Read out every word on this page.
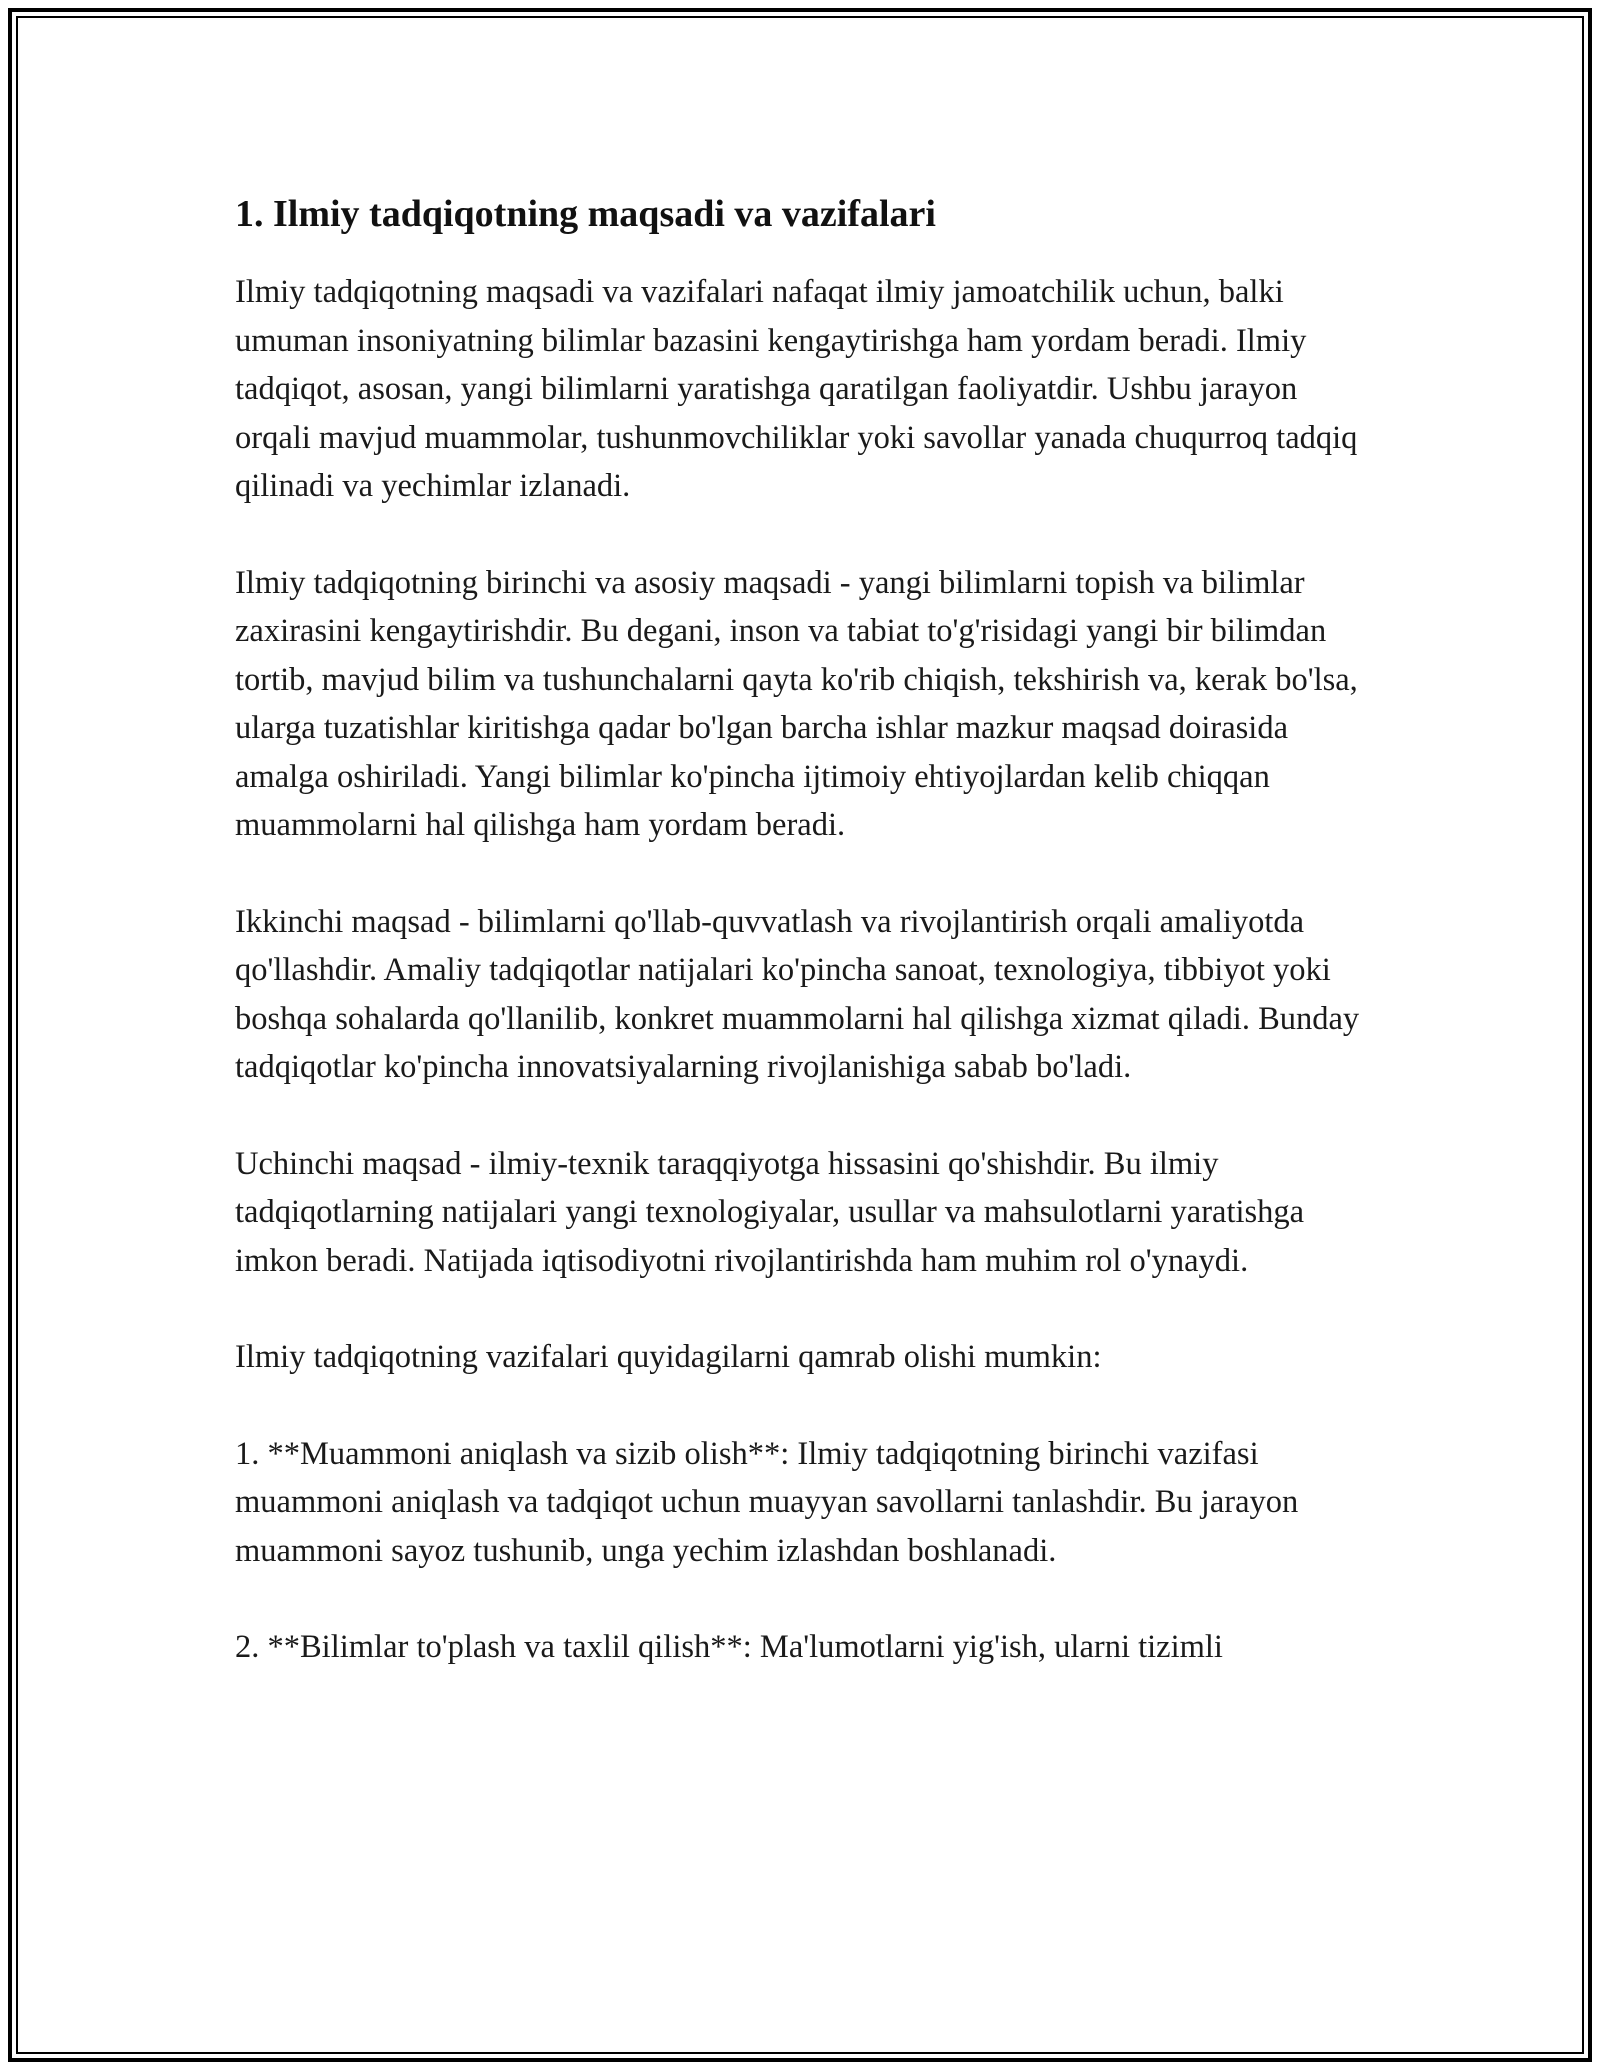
1. Ilmiy tadqiqotning maqsadi va vazifalari

Ilmiy tadqiqotning maqsadi va vazifalari nafaqat ilmiy jamoatchilik uchun, balki umuman insoniyatning bilimlar bazasini kengaytirishga ham yordam beradi. Ilmiy tadqiqot, asosan, yangi bilimlarni yaratishga qaratilgan faoliyatdir. Ushbu jarayon orqali mavjud muammolar, tushunmovchiliklar yoki savollar yanada chuqurroq tadqiq qilinadi va yechimlar izlanadi.

Ilmiy tadqiqotning birinchi va asosiy maqsadi - yangi bilimlarni topish va bilimlar zaxirasini kengaytirishdir. Bu degani, inson va tabiat to'g'risidagi yangi bir bilimdan tortib, mavjud bilim va tushunchalarni qayta ko'rib chiqish, tekshirish va, kerak bo'lsa, ularga tuzatishlar kiritishga qadar bo'lgan barcha ishlar mazkur maqsad doirasida amalga oshiriladi. Yangi bilimlar ko'pincha ijtimoiy ehtiyojlardan kelib chiqqan muammolarni hal qilishga ham yordam beradi.

Ikkinchi maqsad - bilimlarni qo'llab-quvvatlash va rivojlantirish orqali amaliyotda qo'llashdir. Amaliy tadqiqotlar natijalari ko'pincha sanoat, texnologiya, tibbiyot yoki boshqa sohalarda qo'llanilib, konkret muammolarni hal qilishga xizmat qiladi. Bunday tadqiqotlar ko'pincha innovatsiyalarning rivojlanishiga sabab bo'ladi.

Uchinchi maqsad - ilmiy-texnik taraqqiyotga hissasini qo'shishdir. Bu ilmiy tadqiqotlarning natijalari yangi texnologiyalar, usullar va mahsulotlarni yaratishga imkon beradi. Natijada iqtisodiyotni rivojlantirishda ham muhim rol o'ynaydi.

Ilmiy tadqiqotning vazifalari quyidagilarni qamrab olishi mumkin:

1. **Muammoni aniqlash va sizib olish**: Ilmiy tadqiqotning birinchi vazifasi muammoni aniqlash va tadqiqot uchun muayyan savollarni tanlashdir. Bu jarayon muammoni sayoz tushunib, unga yechim izlashdan boshlanadi.

2. **Bilimlar to'plash va taxlil qilish**: Ma'lumotlarni yig'ish, ularni tizimli
